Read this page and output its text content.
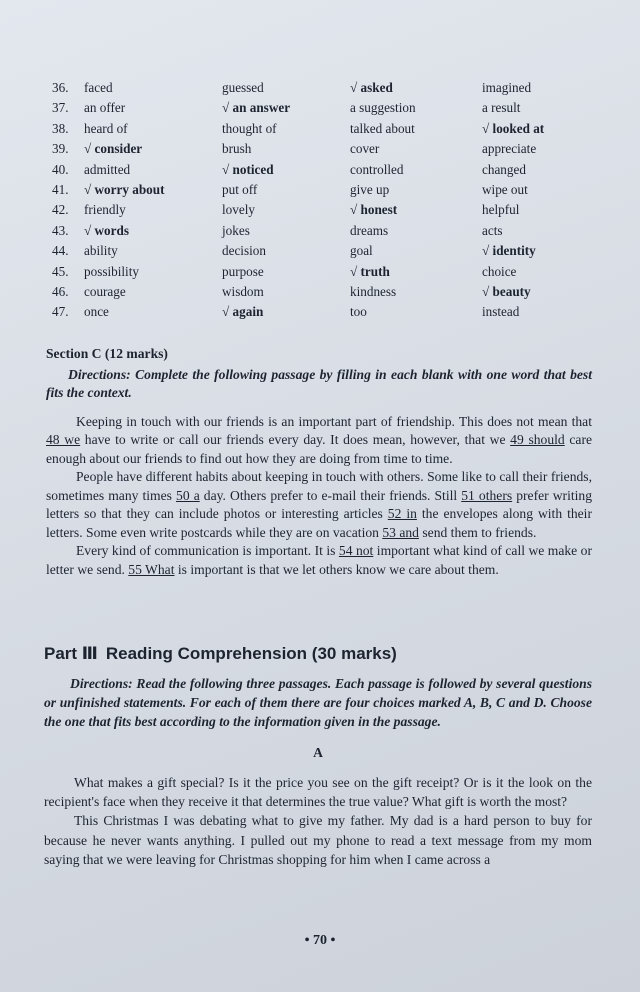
36. faced	guessed	√ asked	imagined
37. an offer	√ an answer	a suggestion	a result
38. heard of	thought of	talked about	√ looked at
39. √ consider	brush	cover	appreciate
40. admitted	√ noticed	controlled	changed
41. √ worry about	put off	give up	wipe out
42. friendly	lovely	√ honest	helpful
43. √ words	jokes	dreams	acts
44. ability	decision	goal	√ identity
45. possibility	purpose	√ truth	choice
46. courage	wisdom	kindness	√ beauty
47. once	√ again	too	instead

Section C (12 marks)

Directions: Complete the following passage by filling in each blank with one word that best fits the context.

Keeping in touch with our friends is an important part of friendship. This does not mean that 48 we have to write or call our friends every day. It does mean, however, that we 49 should care enough about our friends to find out how they are doing from time to time.

People have different habits about keeping in touch with others. Some like to call their friends, sometimes many times 50 a day. Others prefer to e-mail their friends. Still 51 others prefer writing letters so that they can include photos or interesting articles 52 in the envelopes along with their letters. Some even write postcards while they are on vacation 53 and send them to friends.

Every kind of communication is important. It is 54 not important what kind of call we make or letter we send. 55 What is important is that we let others know we care about them.

Part Ⅲ Reading Comprehension (30 marks)

Directions: Read the following three passages. Each passage is followed by several questions or unfinished statements. For each of them there are four choices marked A, B, C and D. Choose the one that fits best according to the information given in the passage.

A

What makes a gift special? Is it the price you see on the gift receipt? Or is it the look on the recipient's face when they receive it that determines the true value? What gift is worth the most?

This Christmas I was debating what to give my father. My dad is a hard person to buy for because he never wants anything. I pulled out my phone to read a text message from my mom saying that we were leaving for Christmas shopping for him when I came across a

• 70 •
